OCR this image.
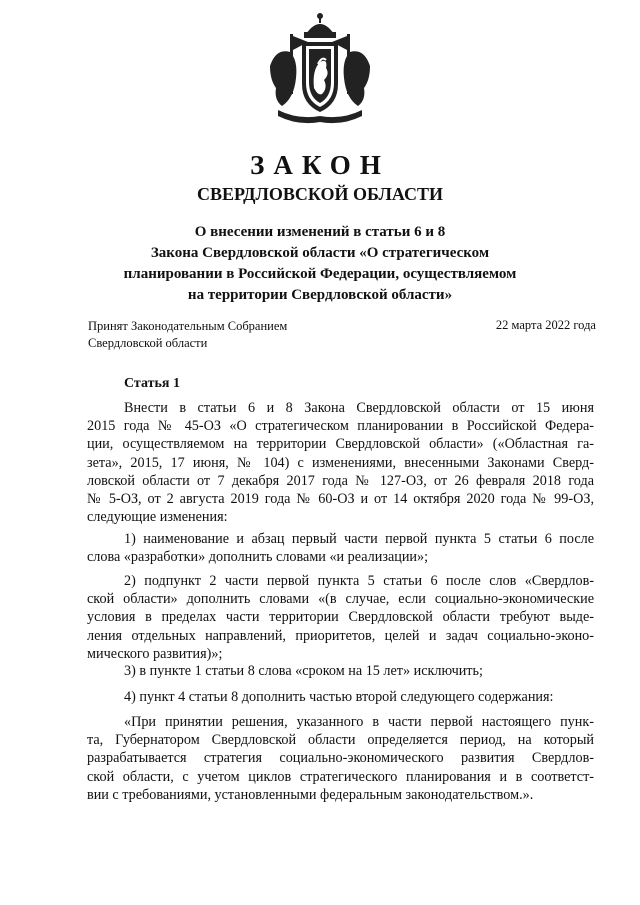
ЗАКОН
СВЕРДЛОВСКОЙ ОБЛАСТИ
О внесении изменений в статьи 6 и 8
Закона Свердловской области «О стратегическом
планировании в Российской Федерации, осуществляемом
на территории Свердловской области»
Принят Законодательным Собранием
Свердловской области
22 марта 2022 года
Статья 1
Внести в статьи 6 и 8 Закона Свердловской области от 15 июня
2015 года № 45-ОЗ «О стратегическом планировании в Российской Федера-
ции, осуществляемом на территории Свердловской области» («Областная га-
зета», 2015, 17 июня, № 104) с изменениями, внесенными Законами Сверд-
ловской области от 7 декабря 2017 года № 127-ОЗ, от 26 февраля 2018 года
№ 5-ОЗ, от 2 августа 2019 года № 60-ОЗ и от 14 октября 2020 года № 99-ОЗ,
следующие изменения:
1) наименование и абзац первый части первой пункта 5 статьи 6 после
слова «разработки» дополнить словами «и реализации»;
2) подпункт 2 части первой пункта 5 статьи 6 после слов «Свердлов-
ской области» дополнить словами «(в случае, если социально-экономические
условия в пределах части территории Свердловской области требуют выде-
ления отдельных направлений, приоритетов, целей и задач социально-эконо-
мического развития)»;
3) в пункте 1 статьи 8 слова «сроком на 15 лет» исключить;
4) пункт 4 статьи 8 дополнить частью второй следующего содержания:
«При принятии решения, указанного в части первой настоящего пунк-
та, Губернатором Свердловской области определяется период, на который
разрабатывается стратегия социально-экономического развития Свердлов-
ской области, с учетом циклов стратегического планирования и в соответст-
вии с требованиями, установленными федеральным законодательством.».
